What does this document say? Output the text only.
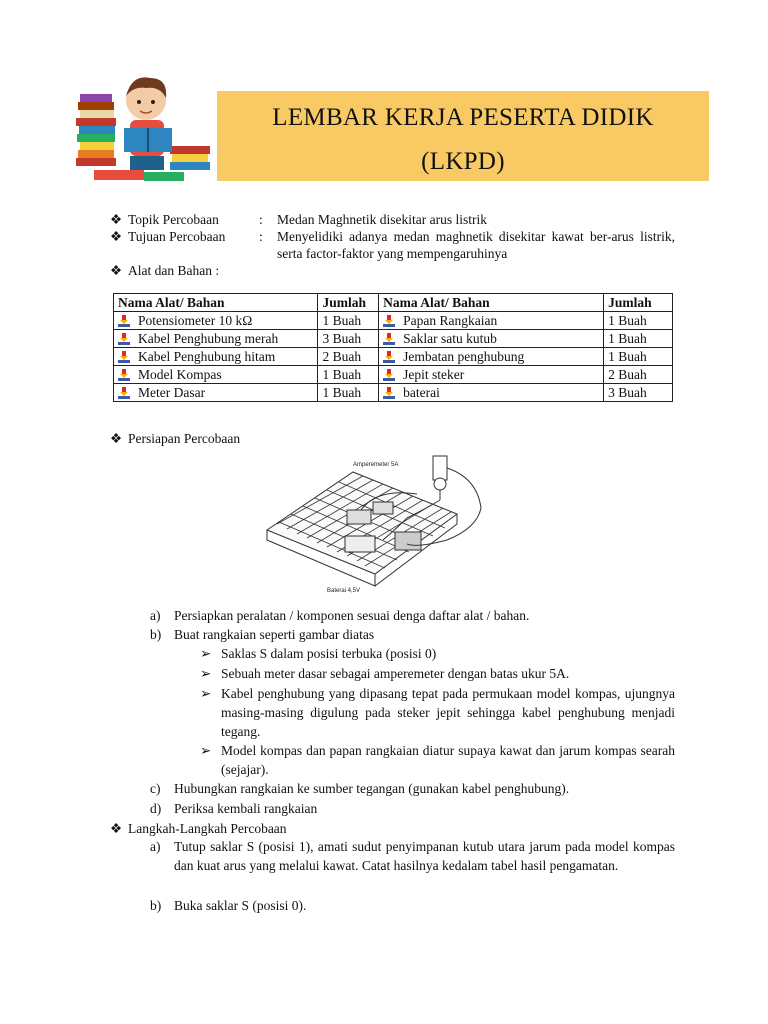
LEMBAR KERJA PESERTA DIDIK
(LKPD)
❖ Topik Percobaan	: Medan Maghnetik disekitar arus listrik
❖ Tujuan Percobaan : Menyelidiki adanya medan maghnetik disekitar kawat ber-arus listrik, serta factor-faktor yang mempengaruhinya
❖ Alat dan Bahan :
Nama Alat/ Bahan	Jumlah	Nama Alat/ Bahan	Jumlah
Potensiometer 10 kΩ	1 Buah	Papan Rangkaian	1 Buah
Kabel Penghubung merah	3 Buah	Saklar satu kutub	1 Buah
Kabel Penghubung hitam	2 Buah	Jembatan penghubung	1 Buah
Model Kompas	1 Buah	Jepit steker	2 Buah
Meter Dasar	1 Buah	baterai	3 Buah
❖ Persiapan Percobaan
Amperemeter 5A
Baterai 4,5V
a) Persiapkan peralatan / komponen sesuai denga daftar alat / bahan.
b) Buat rangkaian seperti gambar diatas
➢ Saklas S dalam posisi terbuka (posisi 0)
➢ Sebuah meter dasar sebagai amperemeter dengan batas ukur 5A.
➢ Kabel penghubung yang dipasang tepat pada permukaan model kompas, ujungnya masing-masing digulung pada steker jepit sehingga kabel penghubung menjadi tegang.
➢ Model kompas dan papan rangkaian diatur supaya kawat dan jarum kompas searah (sejajar).
c) Hubungkan rangkaian ke sumber tegangan (gunakan kabel penghubung).
d) Periksa kembali rangkaian
❖ Langkah-Langkah Percobaan
a) Tutup saklar S (posisi 1), amati sudut penyimpanan kutub utara jarum pada model kompas dan kuat arus yang melalui kawat. Catat hasilnya kedalam tabel hasil pengamatan.
b) Buka saklar S (posisi 0).
